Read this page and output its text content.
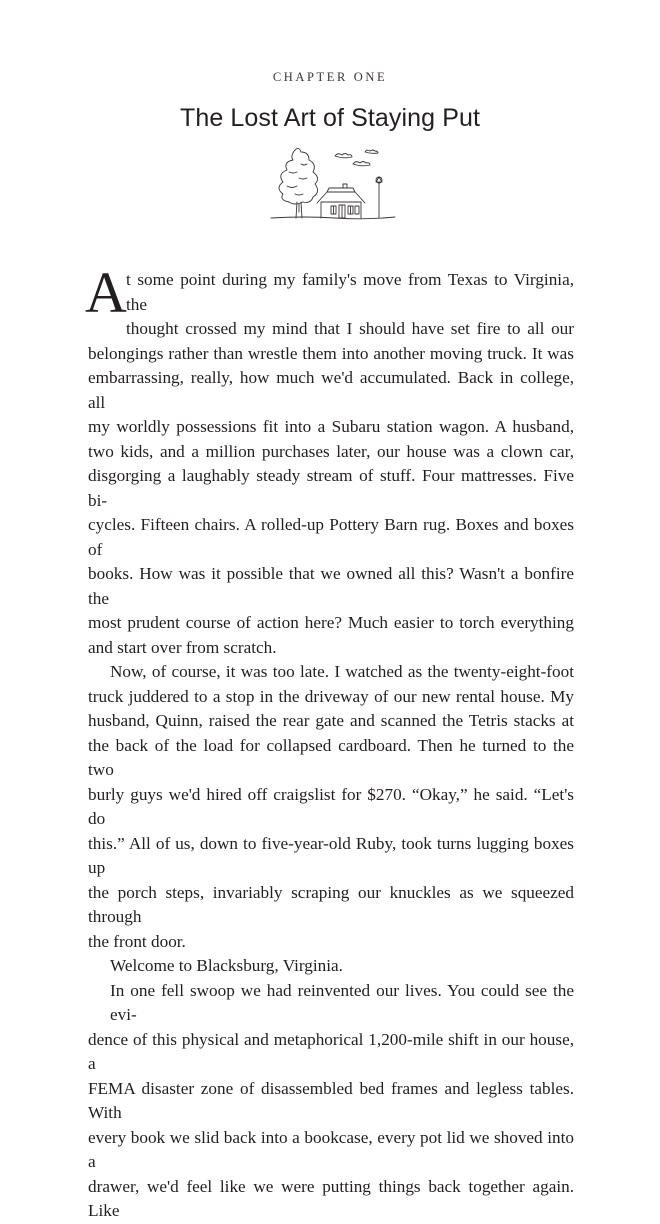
CHAPTER ONE
The Lost Art of Staying Put
A t some point during my family's move from Texas to Virginia, the

thought crossed my mind that I should have set fire to all our

belongings rather than wrestle them into another moving truck. It was

embarrassing, really, how much we'd accumulated. Back in college, all

my worldly possessions fit into a Subaru station wagon. A husband,

two kids, and a million purchases later, our house was a clown car,

disgorging a laughably steady stream of stuff. Four mattresses. Five bi-

cycles. Fifteen chairs. A rolled-up Pottery Barn rug. Boxes and boxes of

books. How was it possible that we owned all this? Wasn't a bonfire the

most prudent course of action here? Much easier to torch everything

and start over from scratch.

Now, of course, it was too late. I watched as the twenty-eight-foot

truck juddered to a stop in the driveway of our new rental house. My

husband, Quinn, raised the rear gate and scanned the Tetris stacks at

the back of the load for collapsed cardboard. Then he turned to the two

burly guys we'd hired off craigslist for $270. “Okay,” he said. “Let's do

this.” All of us, down to five-year-old Ruby, took turns lugging boxes up

the porch steps, invariably scraping our knuckles as we squeezed through

the front door.

Welcome to Blacksburg, Virginia.

In one fell swoop we had reinvented our lives. You could see the evi-

dence of this physical and metaphorical 1,200-mile shift in our house, a

FEMA disaster zone of disassembled bed frames and legless tables. With

every book we slid back into a bookcase, every pot lid we shoved into a

drawer, we'd feel like we were putting things back together again. Like
